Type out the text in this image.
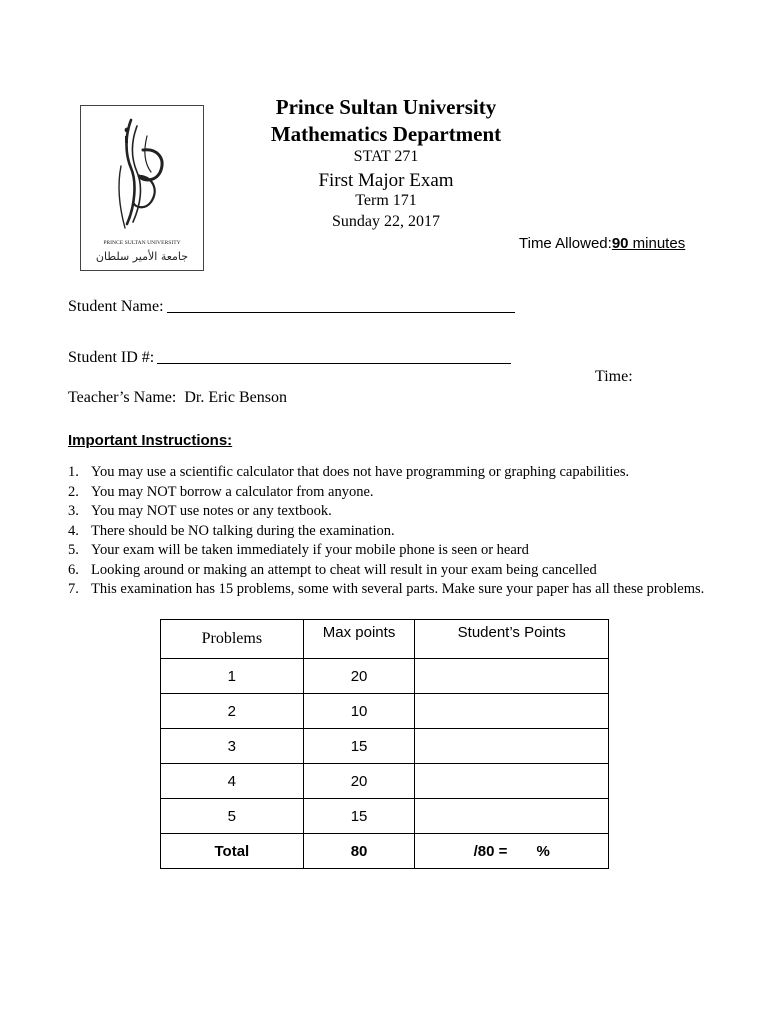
PRINCE SULTAN UNIVERSITY
جامعة الأمير سلطان
Prince Sultan University
Mathematics Department
STAT 271
First Major Exam
Term 171
Sunday 22, 2017
Time Allowed:90 minutes
Student Name:
Student ID #:
Time:
Teacher’s Name: Dr. Eric Benson
Important Instructions:
1. You may use a scientific calculator that does not have programming or graphing capabilities.
2. You may NOT borrow a calculator from anyone.
3. You may NOT use notes or any textbook.
4. There should be NO talking during the examination.
5. Your exam will be taken immediately if your mobile phone is seen or heard
6. Looking around or making an attempt to cheat will result in your exam being cancelled
7. This examination has 15 problems, some with several parts. Make sure your paper has all these problems.
Problems	Max points	Student’s Points
1	20	
2	10	
3	15	
4	20	
5	15	
Total	80	/80 =       %
